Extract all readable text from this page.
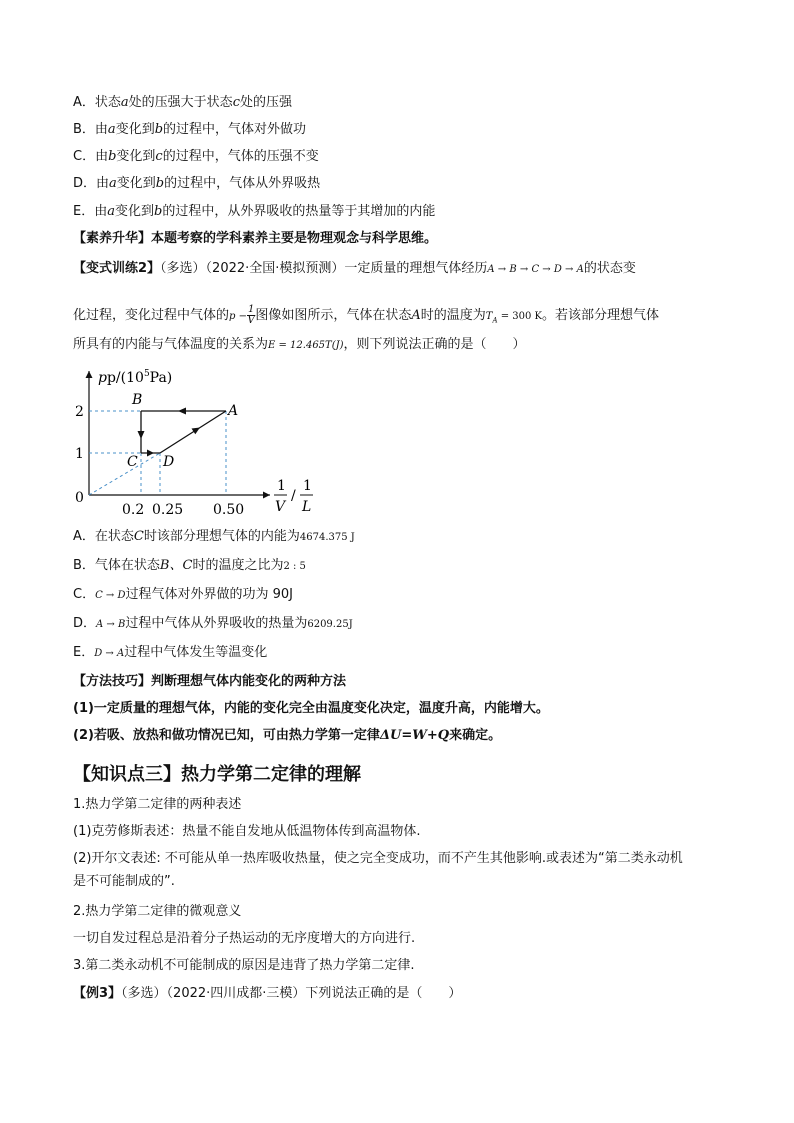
A．状态a处的压强大于状态c处的压强
B．由a变化到b的过程中，气体对外做功
C．由b变化到c的过程中，气体的压强不变
D．由a变化到b的过程中，气体从外界吸热
E．由a变化到b的过程中，从外界吸收的热量等于其增加的内能
【素养升华】本题考察的学科素养主要是物理观念与科学思维。
【变式训练2】（多选）（2022·全国·模拟预测）一定质量的理想气体经历A → B → C → D → A的状态变
化过程，变化过程中气体的$p - \frac{1}{V}$ 图像如图所示，气体在状态A时的温度为$T_A = 300$ K。若该部分理想气体
所具有的内能与气体温度的关系为E = 12.465T(J)，则下列说法正确的是（　　）
A
B
C D
$pp/(10^5Pa)$
2
1
0
0.2 0.25 0.50
1
V
/
1
L
A．在状态C时该部分理想气体的内能为4674.375 J
B．气体在状态B、C时的温度之比为2 : 5
C．C → D过程气体对外界做的功为 90J
D．A → B过程中气体从外界吸收的热量为6209.25J
E．D → A过程中气体发生等温变化
【方法技巧】判断理想气体内能变化的两种方法
(1)一定质量的理想气体，内能的变化完全由温度变化决定，温度升高，内能增大。
(2)若吸、放热和做功情况已知，可由热力学第一定律ΔU=W+Q来确定。
【知识点三】热力学第二定律的理解
1.热力学第二定律的两种表述
(1)克劳修斯表述：热量不能自发地从低温物体传到高温物体.
(2)开尔文表述: 不可能从单一热库吸收热量，使之完全变成功，而不产生其他影响.或表述为“第二类永动机
是不可能制成的”.
2.热力学第二定律的微观意义
一切自发过程总是沿着分子热运动的无序度增大的方向进行.
3.第二类永动机不可能制成的原因是违背了热力学第二定律.
【例3】（多选）（2022·四川成都·三模）下列说法正确的是（　　）
